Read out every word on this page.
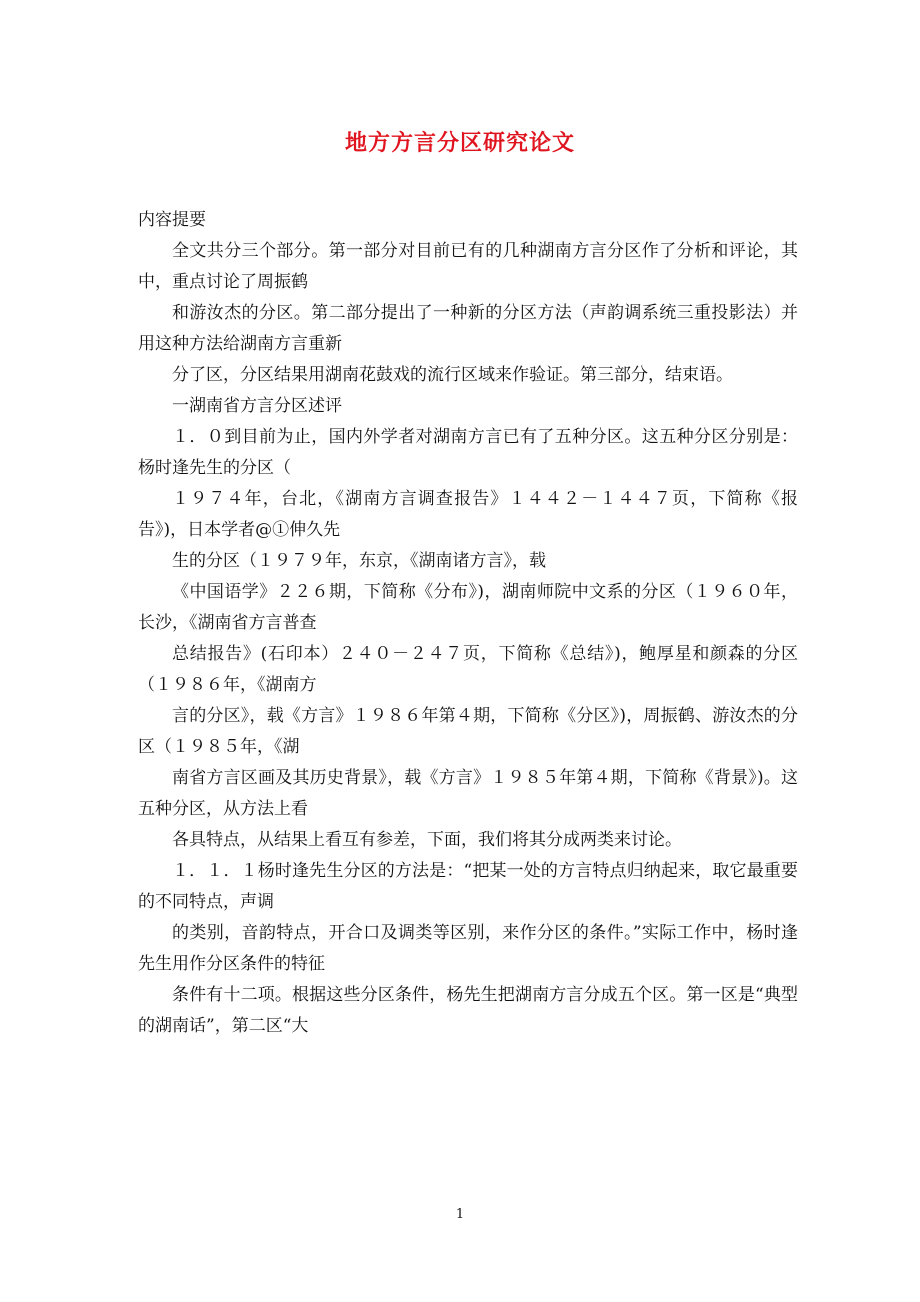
地方方言分区研究论文

内容提要

全文共分三个部分。第一部分对目前已有的几种湖南方言分区作了分析和评论，其中，重点讨论了周振鹤

和游汝杰的分区。第二部分提出了一种新的分区方法（声韵调系统三重投影法）并用这种方法给湖南方言重新

分了区，分区结果用湖南花鼓戏的流行区域来作验证。第三部分，结束语。

一湖南省方言分区述评

１．０到目前为止，国内外学者对湖南方言已有了五种分区。这五种分区分别是：杨时逢先生的分区（

１９７４年，台北，《湖南方言调查报告》１４４２－１４４７页，下简称《报告》)，日本学者@①伸久先

生的分区（１９７９年，东京，《湖南诸方言》，载

《中国语学》２２６期，下简称《分布》)，湖南师院中文系的分区（１９６０年，长沙，《湖南省方言普查

总结报告》(石印本）２４０－２４７页，下简称《总结》)，鲍厚星和颜森的分区（１９８６年，《湖南方

言的分区》，载《方言》１９８６年第４期，下简称《分区》)，周振鹤、游汝杰的分区（１９８５年，《湖

南省方言区画及其历史背景》，载《方言》１９８５年第４期，下简称《背景》)。这五种分区，从方法上看

各具特点，从结果上看互有参差，下面，我们将其分成两类来讨论。

１．１．１杨时逢先生分区的方法是：“把某一处的方言特点归纳起来，取它最重要的不同特点，声调

的类别，音韵特点，开合口及调类等区别，来作分区的条件。”实际工作中，杨时逢先生用作分区条件的特征

条件有十二项。根据这些分区条件，杨先生把湖南方言分成五个区。第一区是“典型的湖南话”，第二区“大

1
